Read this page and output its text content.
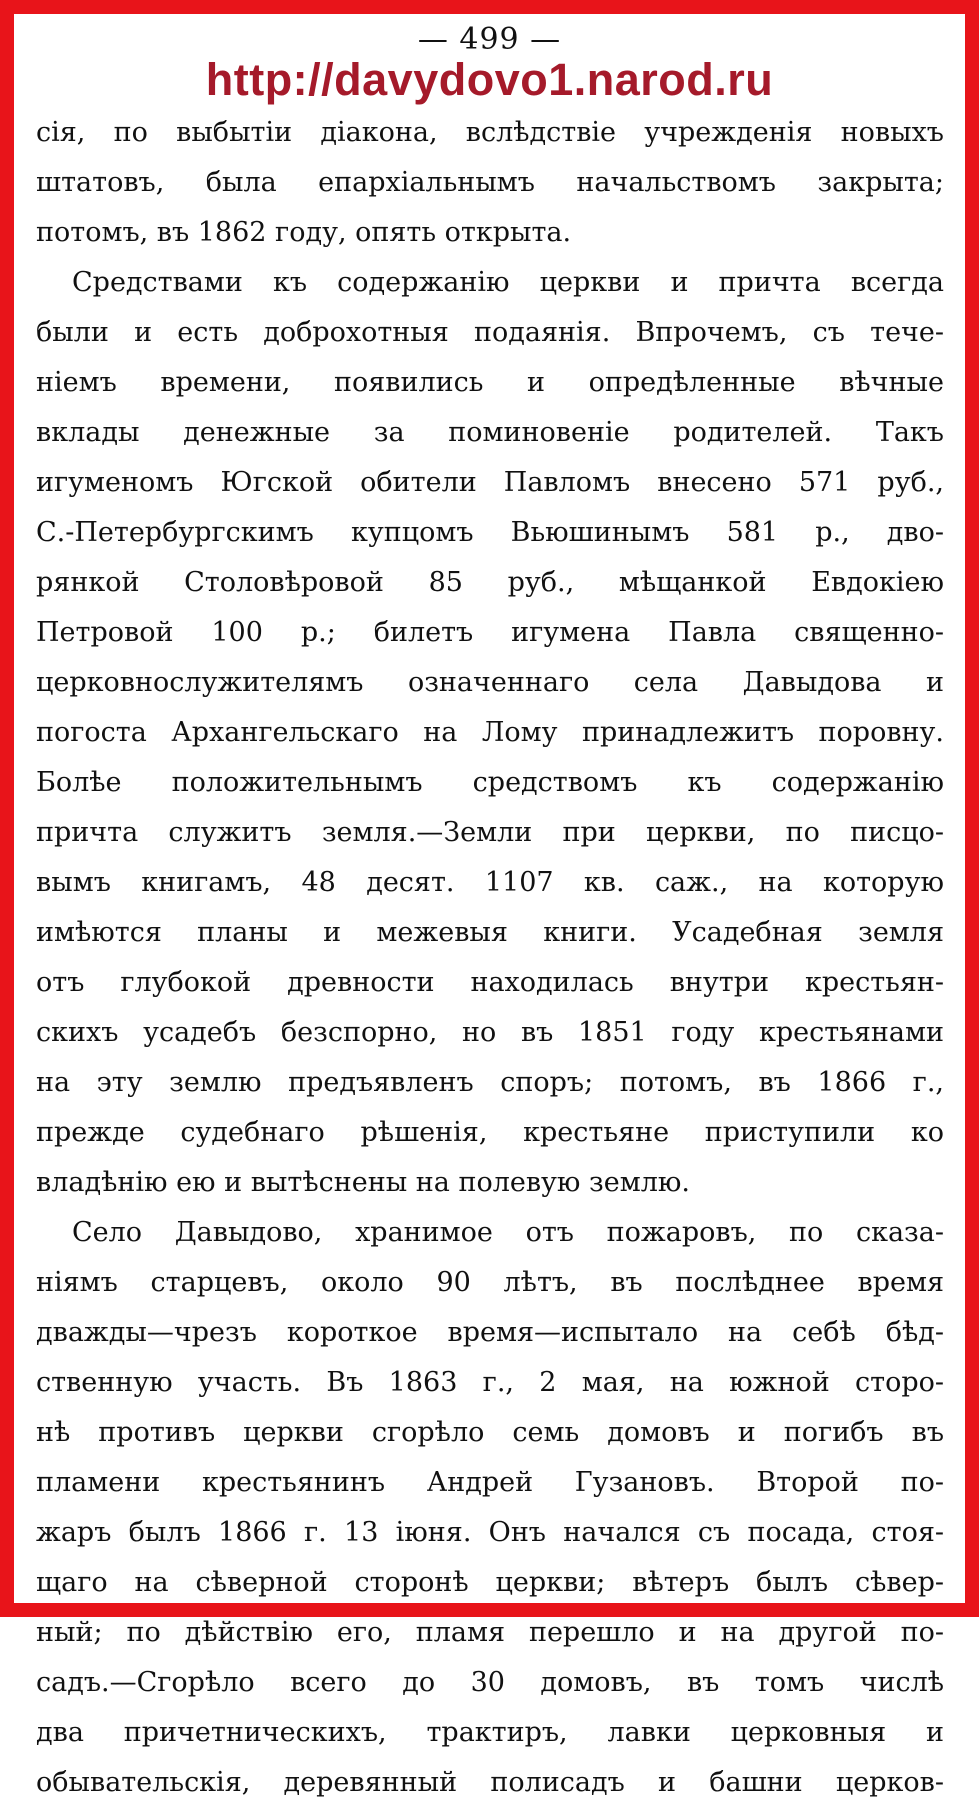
— 499 —
http://davydovo1.narod.ru
сія, по выбытіи діакона, вслѣдствіе учрежденія новыхъ
штатовъ, была епархіальнымъ начальствомъ закрыта;
потомъ, въ 1862 году, опять открыта.
Средствами къ содержанію церкви и причта всегда
были и есть доброхотныя подаянія. Впрочемъ, съ тече-
ніемъ времени, появились и опредѣленные вѣчные
вклады денежные за поминовеніе родителей. Такъ
игуменомъ Югской обители Павломъ внесено 571 руб.,
С.-Петербургскимъ купцомъ Вьюшинымъ 581 р., дво-
рянкой Столовѣровой 85 руб., мѣщанкой Евдокіею
Петровой 100 р.; билетъ игумена Павла священно-
церковнослужителямъ означеннаго села Давыдова и
погоста Архангельскаго на Лому принадлежитъ поровну.
Болѣе положительнымъ средствомъ къ содержанію
причта служитъ земля.—Земли при церкви, по писцо-
вымъ книгамъ, 48 десят. 1107 кв. саж., на которую
имѣются планы и межевыя книги. Усадебная земля
отъ глубокой древности находилась внутри крестьян-
скихъ усадебъ безспорно, но въ 1851 году крестьянами
на эту землю предъявленъ споръ; потомъ, въ 1866 г.,
прежде судебнаго рѣшенія, крестьяне приступили ко
владѣнію ею и вытѣснены на полевую землю.
Село Давыдово, хранимое отъ пожаровъ, по сказа-
ніямъ старцевъ, около 90 лѣтъ, въ послѣднее время
дважды—чрезъ короткое время—испытало на себѣ бѣд-
ственную участь. Въ 1863 г., 2 мая, на южной сторо-
нѣ противъ церкви сгорѣло семь домовъ и погибъ въ
пламени крестьянинъ Андрей Гузановъ. Второй по-
жаръ былъ 1866 г. 13 іюня. Онъ начался съ посада, стоя-
щаго на сѣверной сторонѣ церкви; вѣтеръ былъ сѣвер-
ный; по дѣйствію его, пламя перешло и на другой по-
садъ.—Сгорѣло всего до 30 домовъ, въ томъ числѣ
два причетническихъ, трактиръ, лавки церковныя и
обывательскія, деревянный полисадъ и башни церков-
